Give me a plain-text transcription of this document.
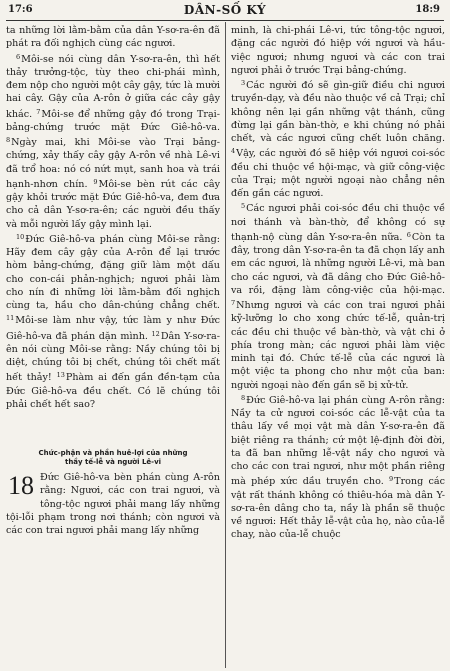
17:6	DÂN-SỐ KÝ	18:9

ta những lời lằm-bằm của dân Y-sơ-ra-ên đã phát ra đối nghịch cùng các ngươi.

$^6$Môi-se nói cùng dân Y-sơ-ra-ên, thì hết thảy trưởng-tộc, tùy theo chi-phái mình, đem nộp cho người một cây gậy, tức là mười hai cây. Gậy của A-rôn ở giữa các cây gậy khác. $^7$Môi-se để những gậy đó trong Trại-bảng-chứng trước mặt Đức Giê-hô-va. $^8$Ngày mai, khi Môi-se vào Trại bảng-chứng, xảy thấy cây gậy A-rôn về nhà Lê-vi đã trổ hoa: nó có nứt mụt, sanh hoa và trái hạnh-nhơn chín. $^9$Môi-se bèn rút các cây gậy khỏi trước mặt Đức Giê-hô-va, đem đưa cho cả dân Y-sơ-ra-ên; các người đều thấy và mỗi người lấy gậy mình lại.

$^{10}$Đức Giê-hô-va phán cùng Môi-se rằng: Hãy đem cây gậy của A-rôn để lại trước hòm bảng-chứng, đặng giữ làm một dấu cho con-cái phản-nghịch; ngươi phải làm cho nín đi những lời lằm-bằm đối nghịch cùng ta, hầu cho dân-chúng chẳng chết. $^{11}$Môi-se làm như vậy, tức làm y như Đức Giê-hô-va đã phán dặn mình. $^{12}$Dân Y-sơ-ra-ên nói cùng Môi-se rằng: Nầy chúng tôi bị diệt, chúng tôi bị chết, chúng tôi chết mất hết thảy! $^{13}$Phàm ai đến gần đền-tạm của Đức Giê-hô-va đều chết. Có lẽ chúng tôi phải chết hết sao?

Chức-phận và phần huê-lợi của những
thầy tế-lễ và người Lê-vi
18 Đức Giê-hô-va bèn phán cùng A-rôn rằng: Ngươi, các con trai ngươi, và tông-tộc ngươi phải mang lấy những tội-lỗi phạm trong nơi thánh; còn ngươi và các con trai ngươi phải mang lấy những

minh, là chi-phái Lê-vi, tức tông-tộc ngươi, đặng các người đó hiệp với ngươi và hầu-việc ngươi; nhưng ngươi và các con trai ngươi phải ở trước Trại bảng-chứng.

$^3$Các người đó sẽ gìn-giữ điều chi ngươi truyền-dạy, và đều nào thuộc về cả Trại; chỉ không nên lại gần những vật thánh, cũng đừng lại gần bàn-thờ, e khi chúng nó phải chết, và các ngươi cũng chết luôn chăng. $^4$Vậy, các người đó sẽ hiệp với ngươi coi-sóc đều chi thuộc về hội-mạc, và giữ công-việc của Trại; một người ngoại nào chẳng nên đến gần các ngươi.

$^5$Các ngươi phải coi-sóc đều chi thuộc về nơi thánh và bàn-thờ, để không có sự thạnh-nộ cùng dân Y-sơ-ra-ên nữa. $^6$Còn ta đây, trong dân Y-sơ-ra-ên ta đã chọn lấy anh em các ngươi, là những người Lê-vi, mà ban cho các ngươi, và đã dâng cho Đức Giê-hô-va rồi, đặng làm công-việc của hội-mạc. $^7$Nhưng ngươi và các con trai ngươi phải kỹ-lưỡng lo cho xong chức tế-lễ, quản-trị các đều chi thuộc về bàn-thờ, và vật chi ở phía trong màn; các ngươi phải làm việc minh tại đó. Chức tế-lễ của các ngươi là một việc ta phong cho như một của ban: người ngoại nào đến gần sẽ bị xử-tử.

$^8$Đức Giê-hô-va lại phán cùng A-rôn rằng: Nầy ta cử ngươi coi-sóc các lễ-vật của ta thâu lấy về mọi vật mà dân Y-sơ-ra-ên đã biệt riêng ra thánh; cứ một lệ-định đời đời, ta đã ban những lễ-vật nầy cho ngươi và cho các con trai ngươi, như một phần riêng mà phép xức dầu truyền cho. $^9$Trong các vật rất thánh không có thiêu-hóa mà dân Y-sơ-ra-ên dâng cho ta, nầy là phần sẽ thuộc về ngươi: Hết thảy lễ-vật của họ, nào của-lễ chay, nào của-lễ chuộc
